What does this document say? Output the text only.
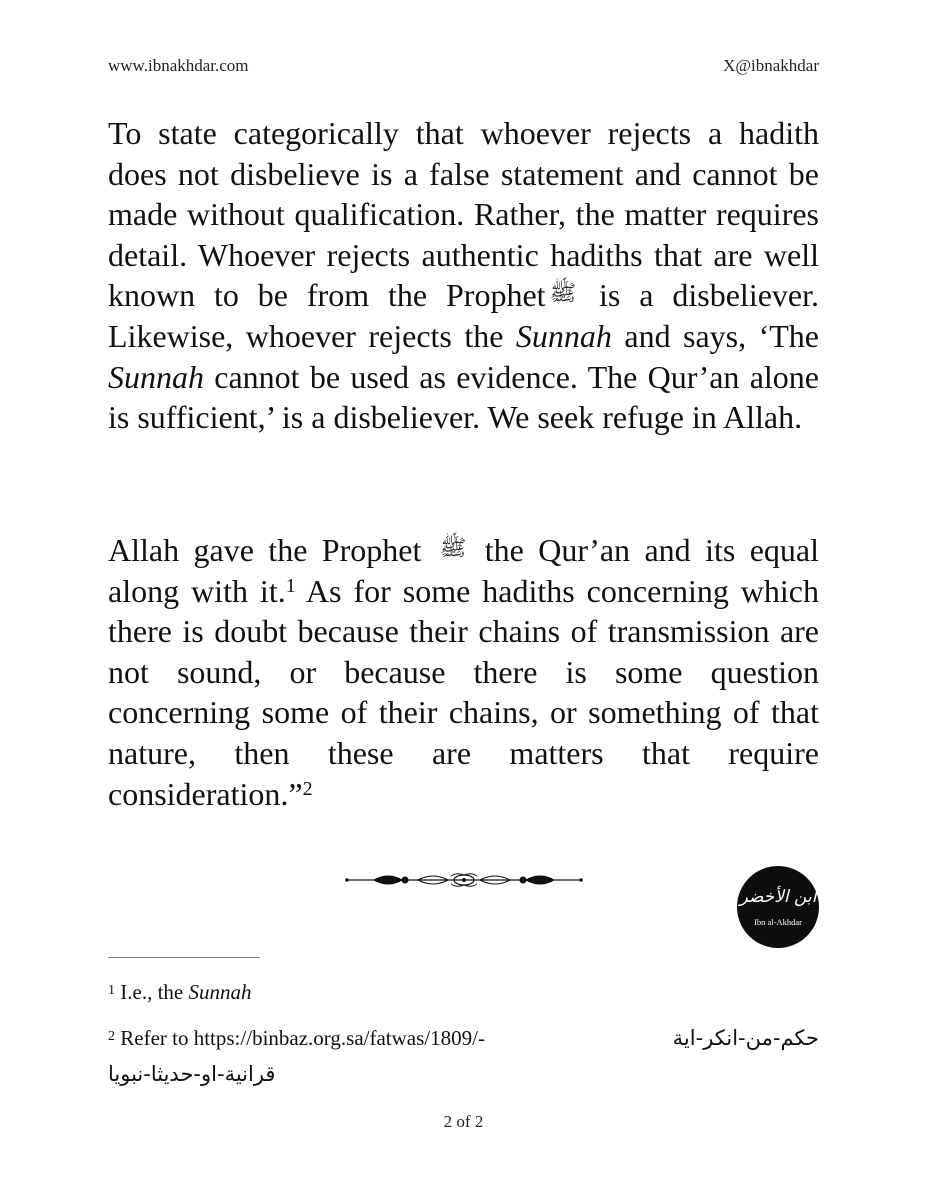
www.ibnakhdar.com	X@ibnakhdar
To state categorically that whoever rejects a hadith does not disbelieve is a false statement and cannot be made without qualification. Rather, the matter requires detail. Whoever rejects authentic hadiths that are well known to be from the Prophet ﷺ is a disbeliever. Likewise, whoever rejects the Sunnah and says, ‘The Sunnah cannot be used as evidence. The Qur’an alone is sufficient,’ is a disbeliever. We seek refuge in Allah.
Allah gave the Prophet ﷺ the Qur’an and its equal along with it.$^1$ As for some hadiths concerning which there is doubt because their chains of transmission are not sound, or because there is some question concerning some of their chains, or something of that nature, then these are matters that require consideration.”$^2$
ابن الأخضر
Ibn al-Akhdar
$^1$ I.e., the Sunnah
$^2$ Refer to https://binbaz.org.sa/fatwas/1809/-	حكم-من-انكر-اية
قرانية-او-حديثا-نبويا
2 of 2
